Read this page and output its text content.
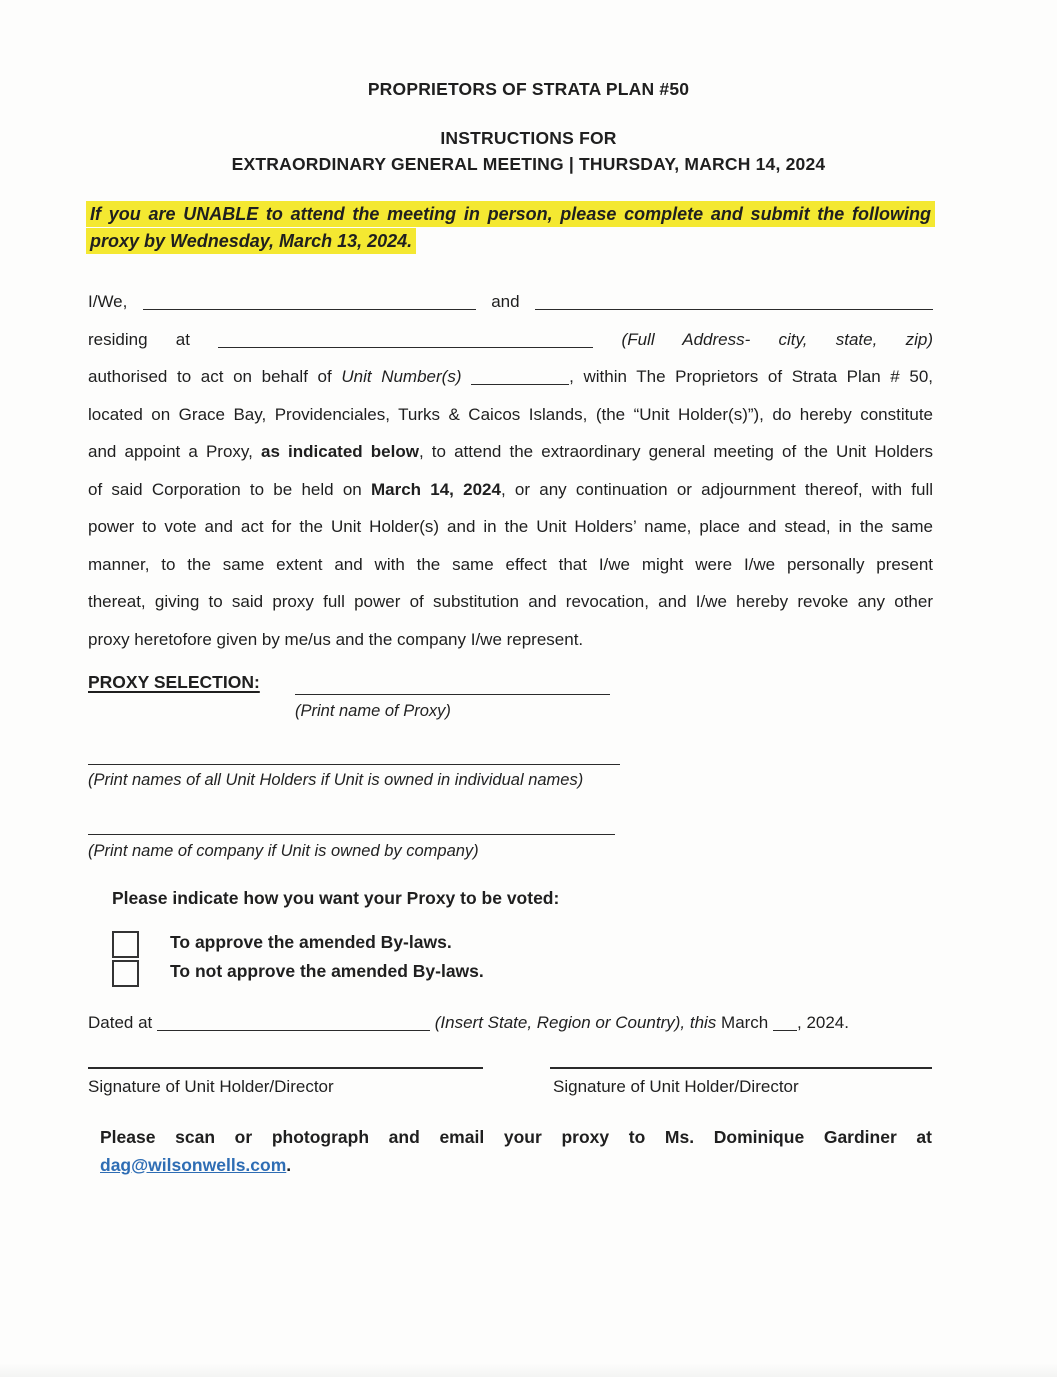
PROPRIETORS OF STRATA PLAN #50
INSTRUCTIONS FOR
EXTRAORDINARY GENERAL MEETING | THURSDAY, MARCH 14, 2024
If you are UNABLE to attend the meeting in person, please complete and submit the following
proxy by Wednesday, March 13, 2024.
I/We,	and
residing at	(Full Address- city, state, zip)
authorised to act on behalf of Unit Number(s)	, within The Proprietors of Strata Plan # 50,
located on Grace Bay, Providenciales, Turks & Caicos Islands, (the “Unit Holder(s)”), do hereby constitute
and appoint a Proxy, as indicated below, to attend the extraordinary general meeting of the Unit Holders
of said Corporation to be held on March 14, 2024, or any continuation or adjournment thereof, with full
power to vote and act for the Unit Holder(s) and in the Unit Holders’ name, place and stead, in the same
manner, to the same extent and with the same effect that I/we might were I/we personally present
thereat, giving to said proxy full power of substitution and revocation, and I/we hereby revoke any other
proxy heretofore given by me/us and the company I/we represent.
PROXY SELECTION:
(Print name of Proxy)
(Print names of all Unit Holders if Unit is owned in individual names)
(Print name of company if Unit is owned by company)
Please indicate how you want your Proxy to be voted:
To approve the amended By-laws.
To not approve the amended By-laws.
Dated at	(Insert State, Region or Country), this March , 2024.
Signature of Unit Holder/Director	Signature of Unit Holder/Director
Please scan or photograph and email your proxy to Ms. Dominique Gardiner at
dag@wilsonwells.com.
